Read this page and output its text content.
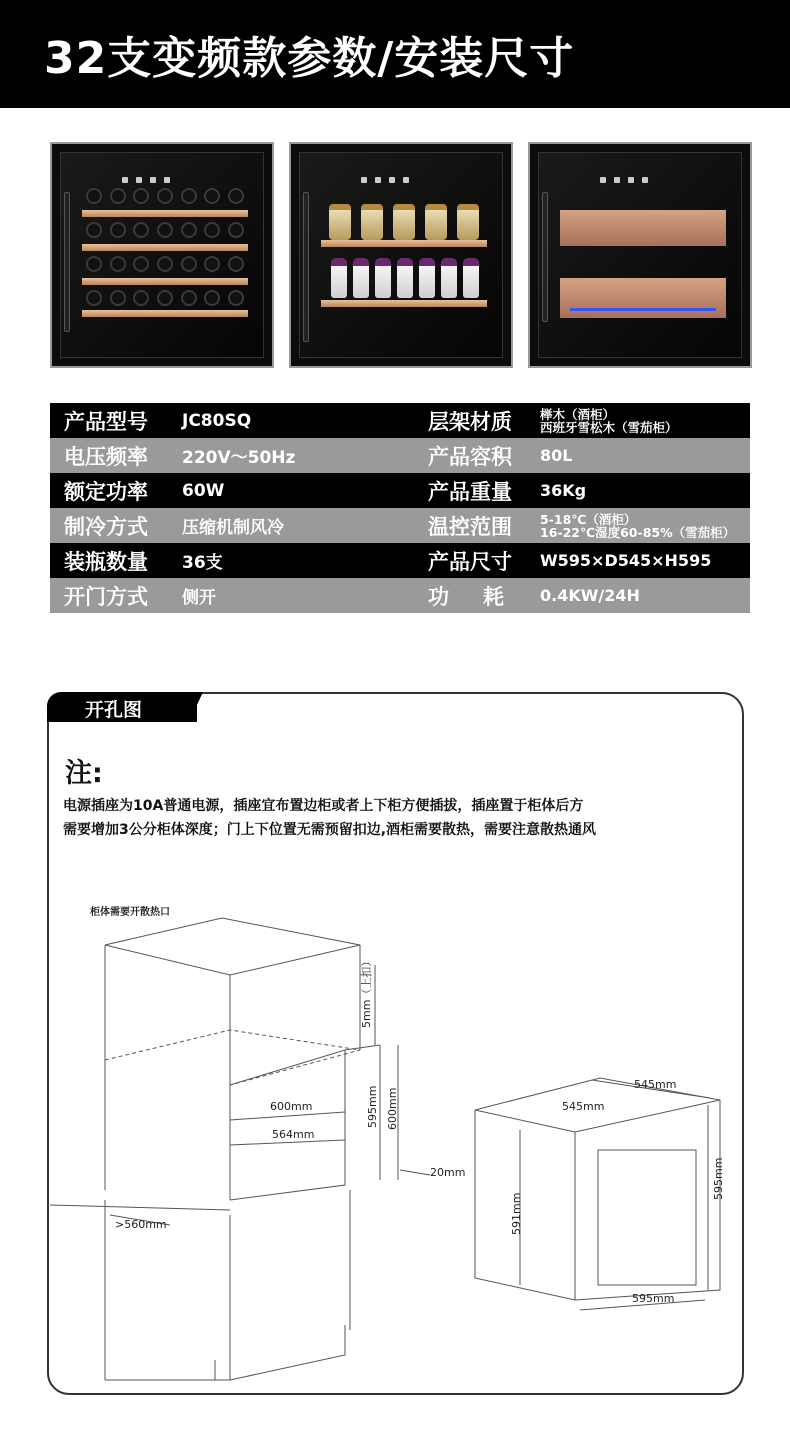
32支变频款参数/安装尺寸
产品型号 JC80SQ	层架材质 榉木（酒柜）
西班牙雪松木（雪茄柜）
电压频率 220V～50Hz	产品容积 80L
额定功率 60W	产品重量 36Kg
制冷方式 压缩机制风冷	温控范围 5-18℃（酒柜）
16-22℃湿度60-85%（雪茄柜）
装瓶数量 36支	产品尺寸 W595×D545×H595
开门方式 侧开	功耗 0.4KW/24H
开孔图
注:
电源插座为10A普通电源，插座宜布置边柜或者上下柜方便插拔，插座置于柜体后方
需要增加3公分柜体深度；门上下位置无需预留扣边,酒柜需要散热，需要注意散热通风
柜体需要开散热口
5mm（上扣）
600mm
564mm
595mm 600mm
20mm
>560mm
545mm
545mm
591mm
595mm
595mm
